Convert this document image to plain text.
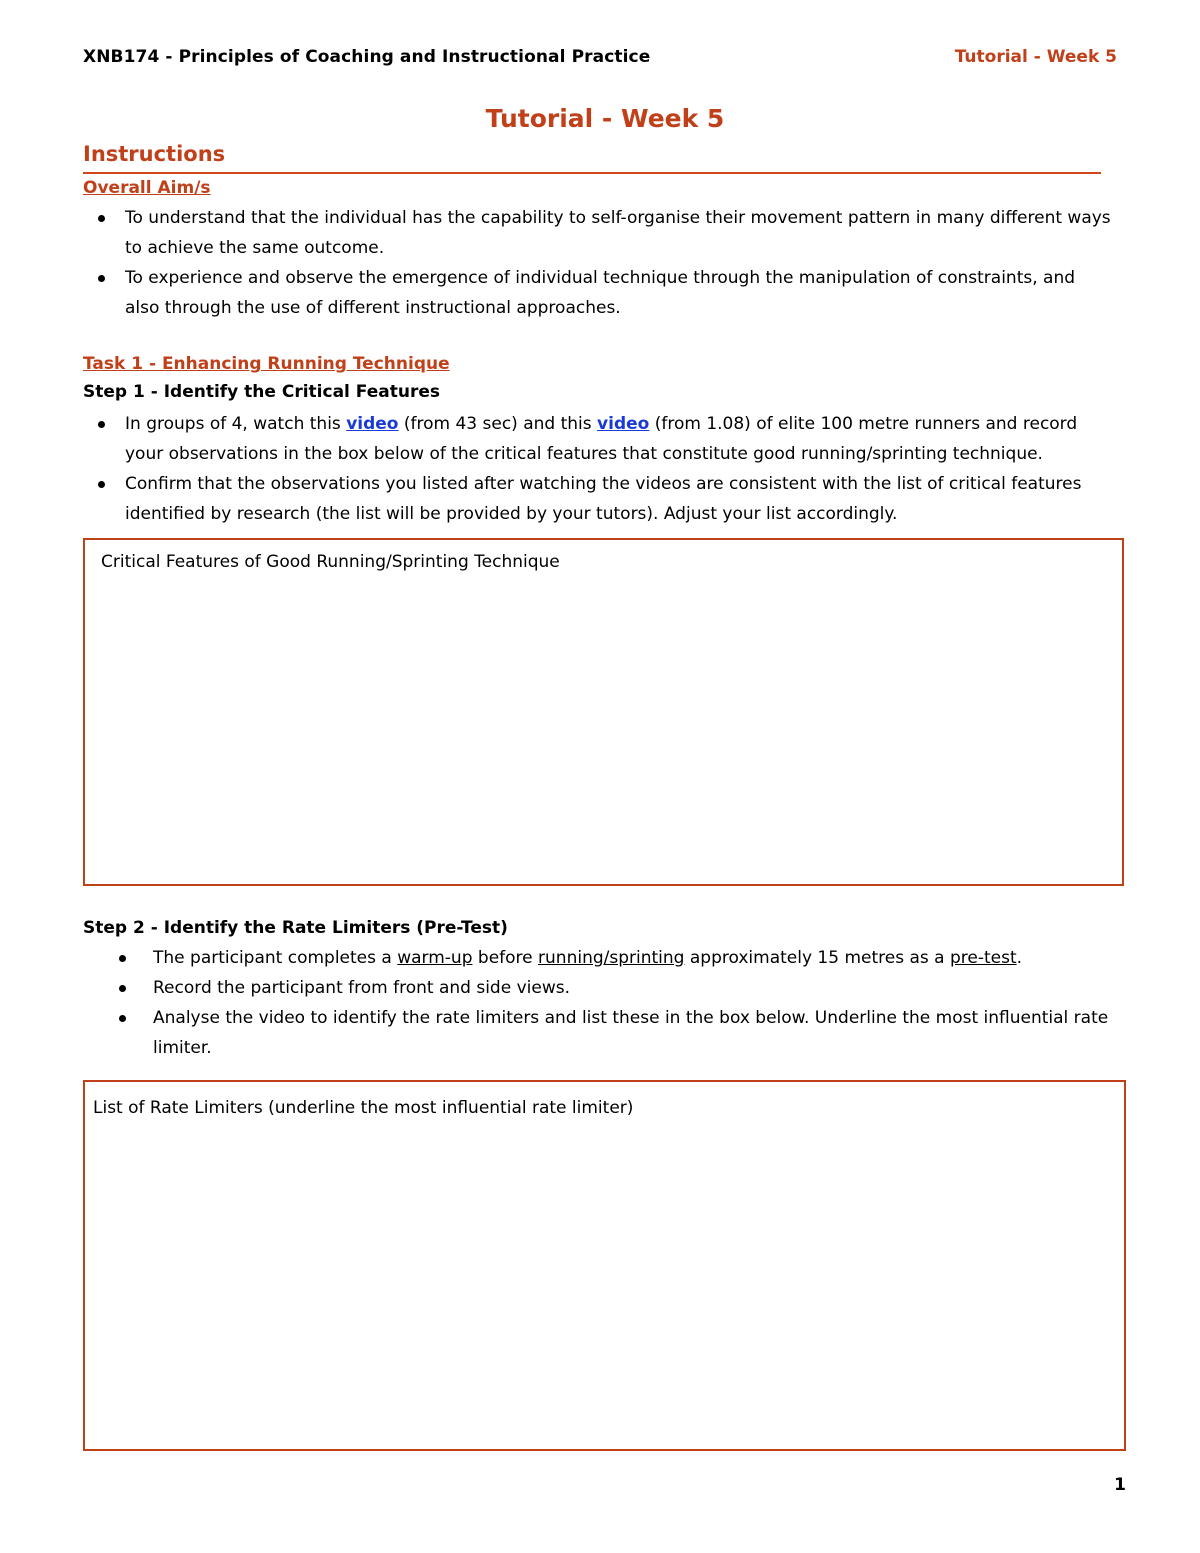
XNB174 - Principles of Coaching and Instructional Practice	Tutorial - Week 5
Tutorial - Week 5
Instructions
Overall Aim/s
To understand that the individual has the capability to self-organise their movement pattern in many different ways to achieve the same outcome.
To experience and observe the emergence of individual technique through the manipulation of constraints, and also through the use of different instructional approaches.
Task 1 - Enhancing Running Technique
Step 1 - Identify the Critical Features
In groups of 4, watch this video (from 43 sec) and this video (from 1.08) of elite 100 metre runners and record your observations in the box below of the critical features that constitute good running/sprinting technique.
Confirm that the observations you listed after watching the videos are consistent with the list of critical features identified by research (the list will be provided by your tutors). Adjust your list accordingly.
Critical Features of Good Running/Sprinting Technique
Step 2 - Identify the Rate Limiters (Pre-Test)
The participant completes a warm-up before running/sprinting approximately 15 metres as a pre-test.
Record the participant from front and side views.
Analyse the video to identify the rate limiters and list these in the box below. Underline the most influential rate limiter.
List of Rate Limiters (underline the most influential rate limiter)
1
